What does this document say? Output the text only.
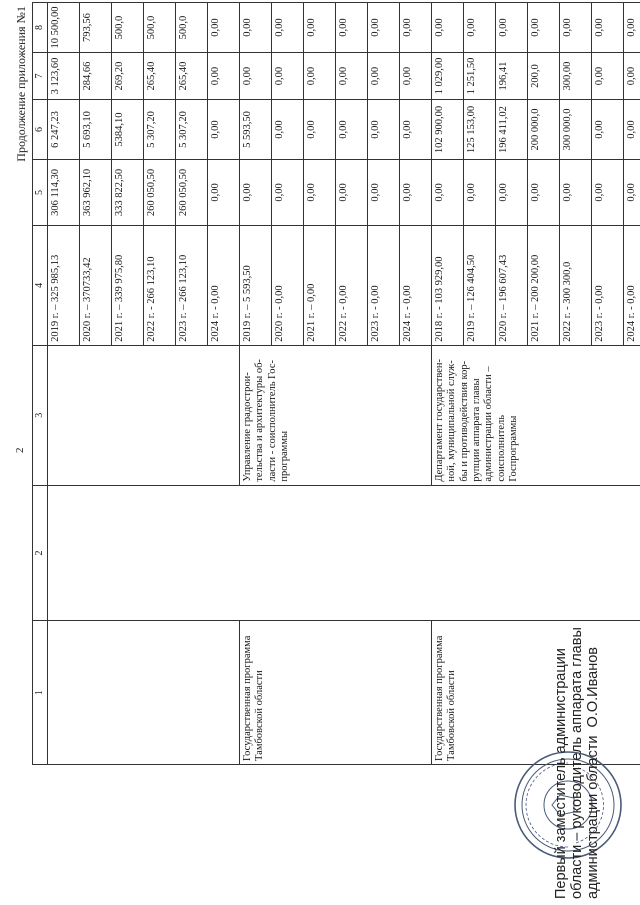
2
Продолжение приложения №1
1	2	3	4	5	6	7	8
			2019 г. – 325 985,13	306 114,30	6 247,23	3 123,60	10 500,00
			2020 г. – 370733,42	363 962,10	5 693,10	284,66	793,56
			2021 г. – 339 975,80	333 822,50	5384,10	269,20	500,0
			2022 г. - 266 123,10	260 050,50	5 307,20	265,40	500,0
			2023 г. – 266 123,10	260 050,50	5 307,20	265,40	500,0
			2024 г. - 0,00	0,00	0,00	0,00	0,00
Государственная программа Тамбовской области		Управление градострои-тельства и архитектуры об-ласти - соисполнитель Гос-программы	2019 г. – 5 593,50	0,00	5 593,50	0,00	0,00
			2020 г. - 0,00	0,00	0,00	0,00	0,00
			2021 г. – 0,00	0,00	0,00	0,00	0,00
			2022 г. - 0,00	0,00	0,00	0,00	0,00
			2023 г. - 0,00	0,00	0,00	0,00	0,00
			2024 г. - 0,00	0,00	0,00	0,00	0,00
Государственная программа Тамбовской области		Департамент государствен-ной, муниципальной служ-бы и противодействия кор-рупции аппарата главы администрации области – соисполнитель Госпрограммы	2018 г. - 103 929,00	0,00	102 900,00	1 029,00	0,00
			2019 г. – 126 404,50	0,00	125 153,00	1 251,50	0,00
			2020 г. – 196 607,43	0,00	196 411,02	196,41	0,00
			2021 г. – 200 200,00	0,00	200 000,0	200,0	0,00
			2022 г. - 300 300,0	0,00	300 000,0	300,00	0,00
			2023 г. - 0,00	0,00	0,00	0,00	0,00
			2024 г. - 0,00	0,00	0,00	0,00	0,00
Первый заместитель администрации области – руководитель аппарата главы администрации области  О.О.Иванов
